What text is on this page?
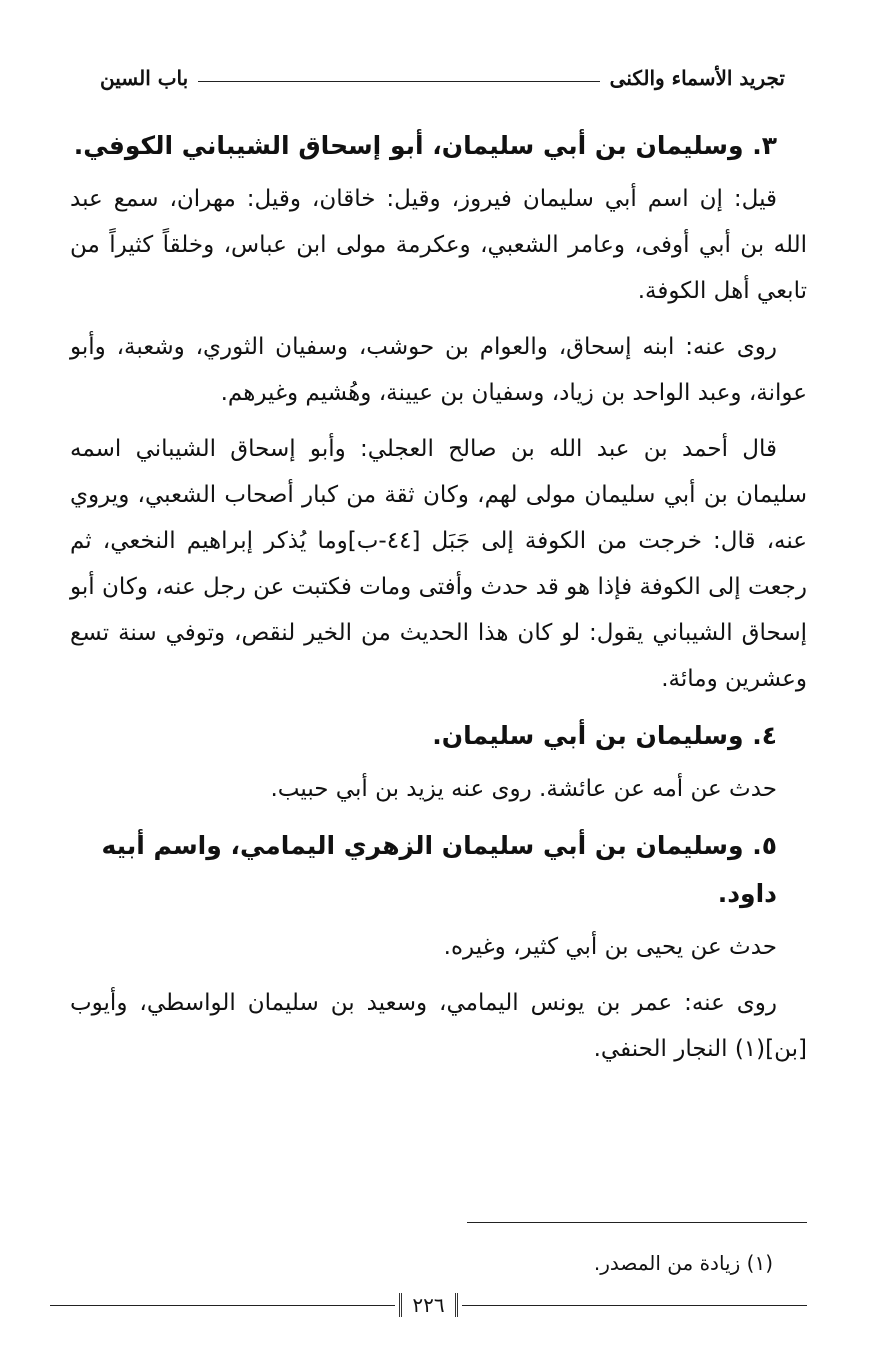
تجريد الأسماء والكنى
باب السين
٣. وسليمان بن أبي سليمان، أبو إسحاق الشيباني الكوفي.

قيل: إن اسم أبي سليمان فيروز، وقيل: خاقان، وقيل: مهران، سمع عبد الله بن أبي أوفى، وعامر الشعبي، وعكرمة مولى ابن عباس، وخلقاً كثيراً من تابعي أهل الكوفة.

روى عنه: ابنه إسحاق، والعوام بن حوشب، وسفيان الثوري، وشعبة، وأبو عوانة، وعبد الواحد بن زياد، وسفيان بن عيينة، وهُشيم وغيرهم.

قال أحمد بن عبد الله بن صالح العجلي: وأبو إسحاق الشيباني اسمه سليمان بن أبي سليمان مولى لهم، وكان ثقة من كبار أصحاب الشعبي، ويروي عنه، قال: خرجت من الكوفة إلى جَبَل [٤٤-ب]وما يُذكر إبراهيم النخعي، ثم رجعت إلى الكوفة فإذا هو قد حدث وأفتى ومات فكتبت عن رجل عنه، وكان أبو إسحاق الشيباني يقول: لو كان هذا الحديث من الخير لنقص، وتوفي سنة تسع وعشرين ومائة.

٤. وسليمان بن أبي سليمان.

حدث عن أمه عن عائشة. روى عنه يزيد بن أبي حبيب.

٥. وسليمان بن أبي سليمان الزهري اليمامي، واسم أبيه داود.

حدث عن يحيى بن أبي كثير، وغيره.

روى عنه: عمر بن يونس اليمامي، وسعيد بن سليمان الواسطي، وأيوب [بن](١) النجار الحنفي.

(١) زيادة من المصدر.
٢٢٦
